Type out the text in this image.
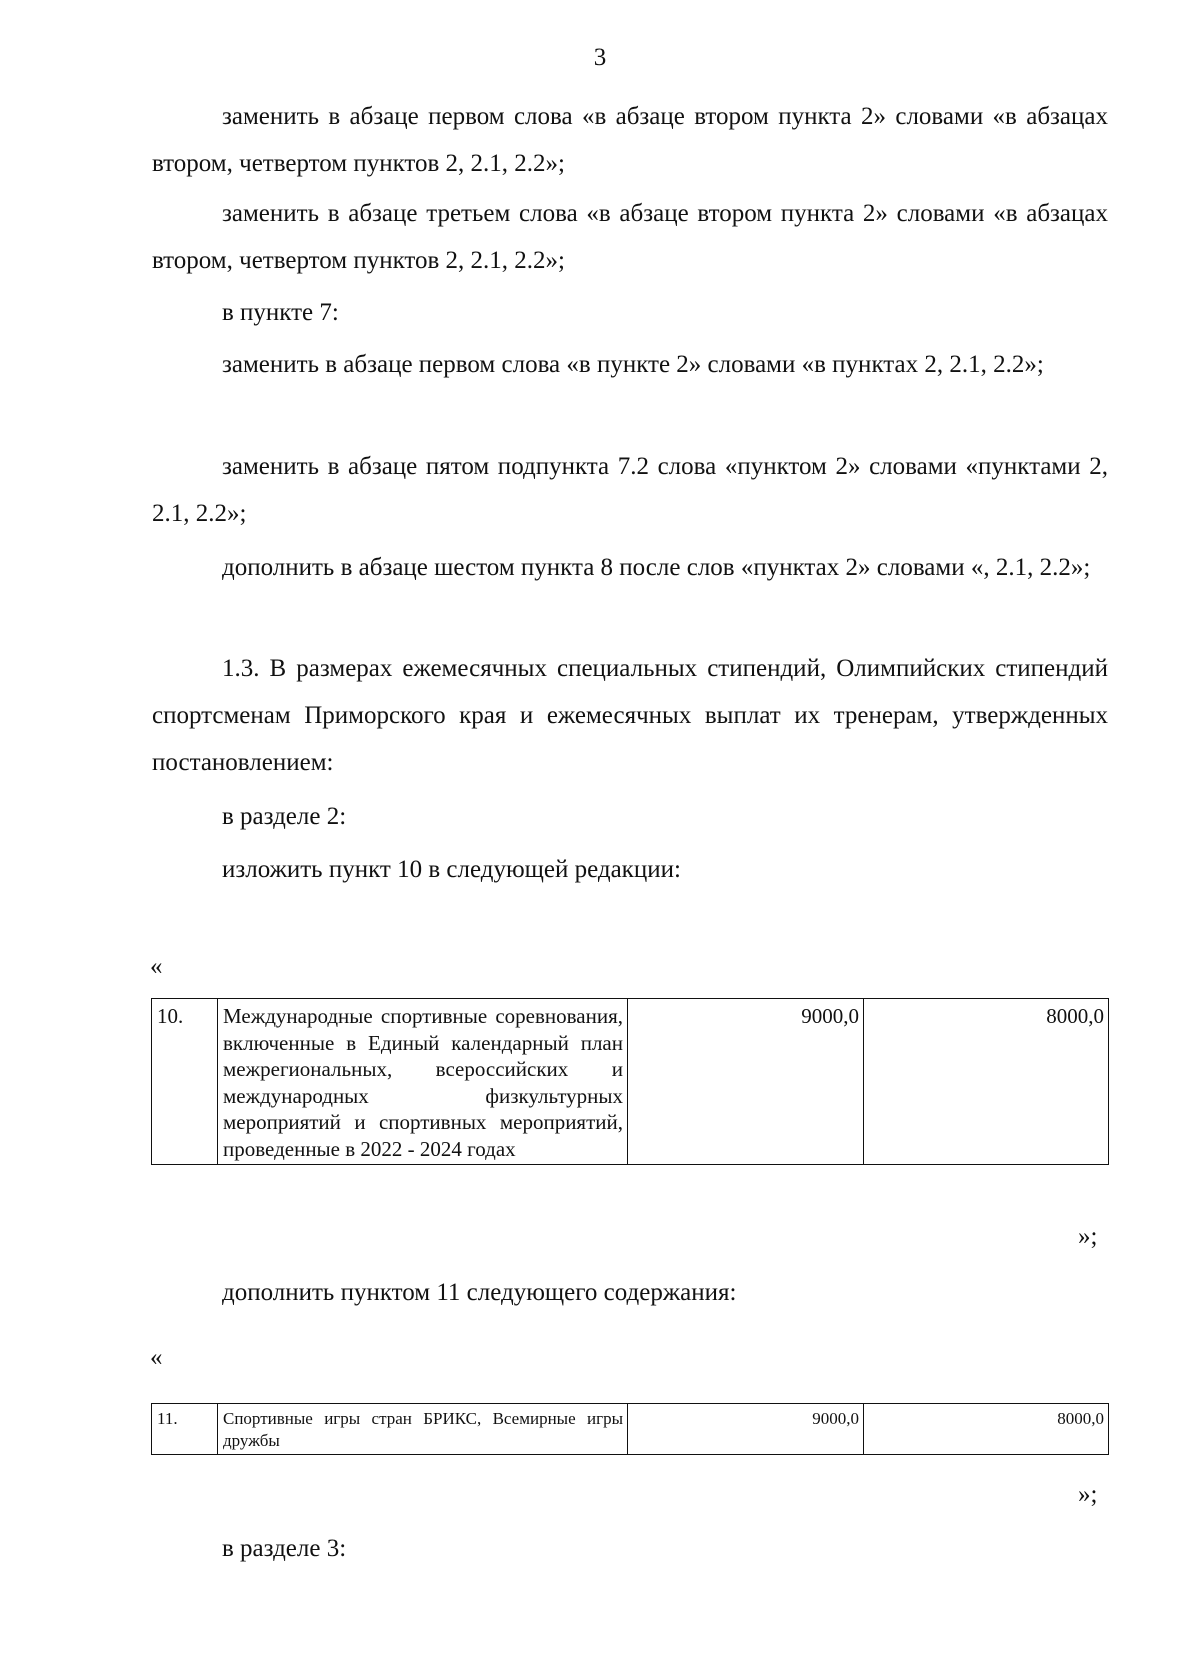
3

заменить в абзаце первом слова «в абзаце втором пункта 2» словами «в абзацах втором, четвертом пунктов 2, 2.1, 2.2»;

заменить в абзаце третьем слова «в абзаце втором пункта 2» словами «в абзацах втором, четвертом пунктов 2, 2.1, 2.2»;

в пункте 7:

заменить в абзаце первом слова «в пункте 2» словами «в пунктах 2, 2.1, 2.2»;

заменить в абзаце пятом подпункта 7.2 слова «пунктом 2» словами «пунктами 2, 2.1, 2.2»;

дополнить в абзаце шестом пункта 8 после слов «пунктах 2» словами «, 2.1, 2.2»;

1.3. В размерах ежемесячных специальных стипендий, Олимпийских стипендий спортсменам Приморского края и ежемесячных выплат их тренерам, утвержденных постановлением:

в разделе 2:

изложить пункт 10 в следующей редакции:

«
10.	Международные спортивные соревнования, включенные в Единый календарный план межрегиональных, всероссийских и международных физкультурных мероприятий и спортивных мероприятий, проведенные в 2022 - 2024 годах	9000,0	8000,0
»;

дополнить пунктом 11 следующего содержания:

«
11.	Спортивные игры стран БРИКС, Всемирные игры дружбы	9000,0	8000,0
»;

в разделе 3:
